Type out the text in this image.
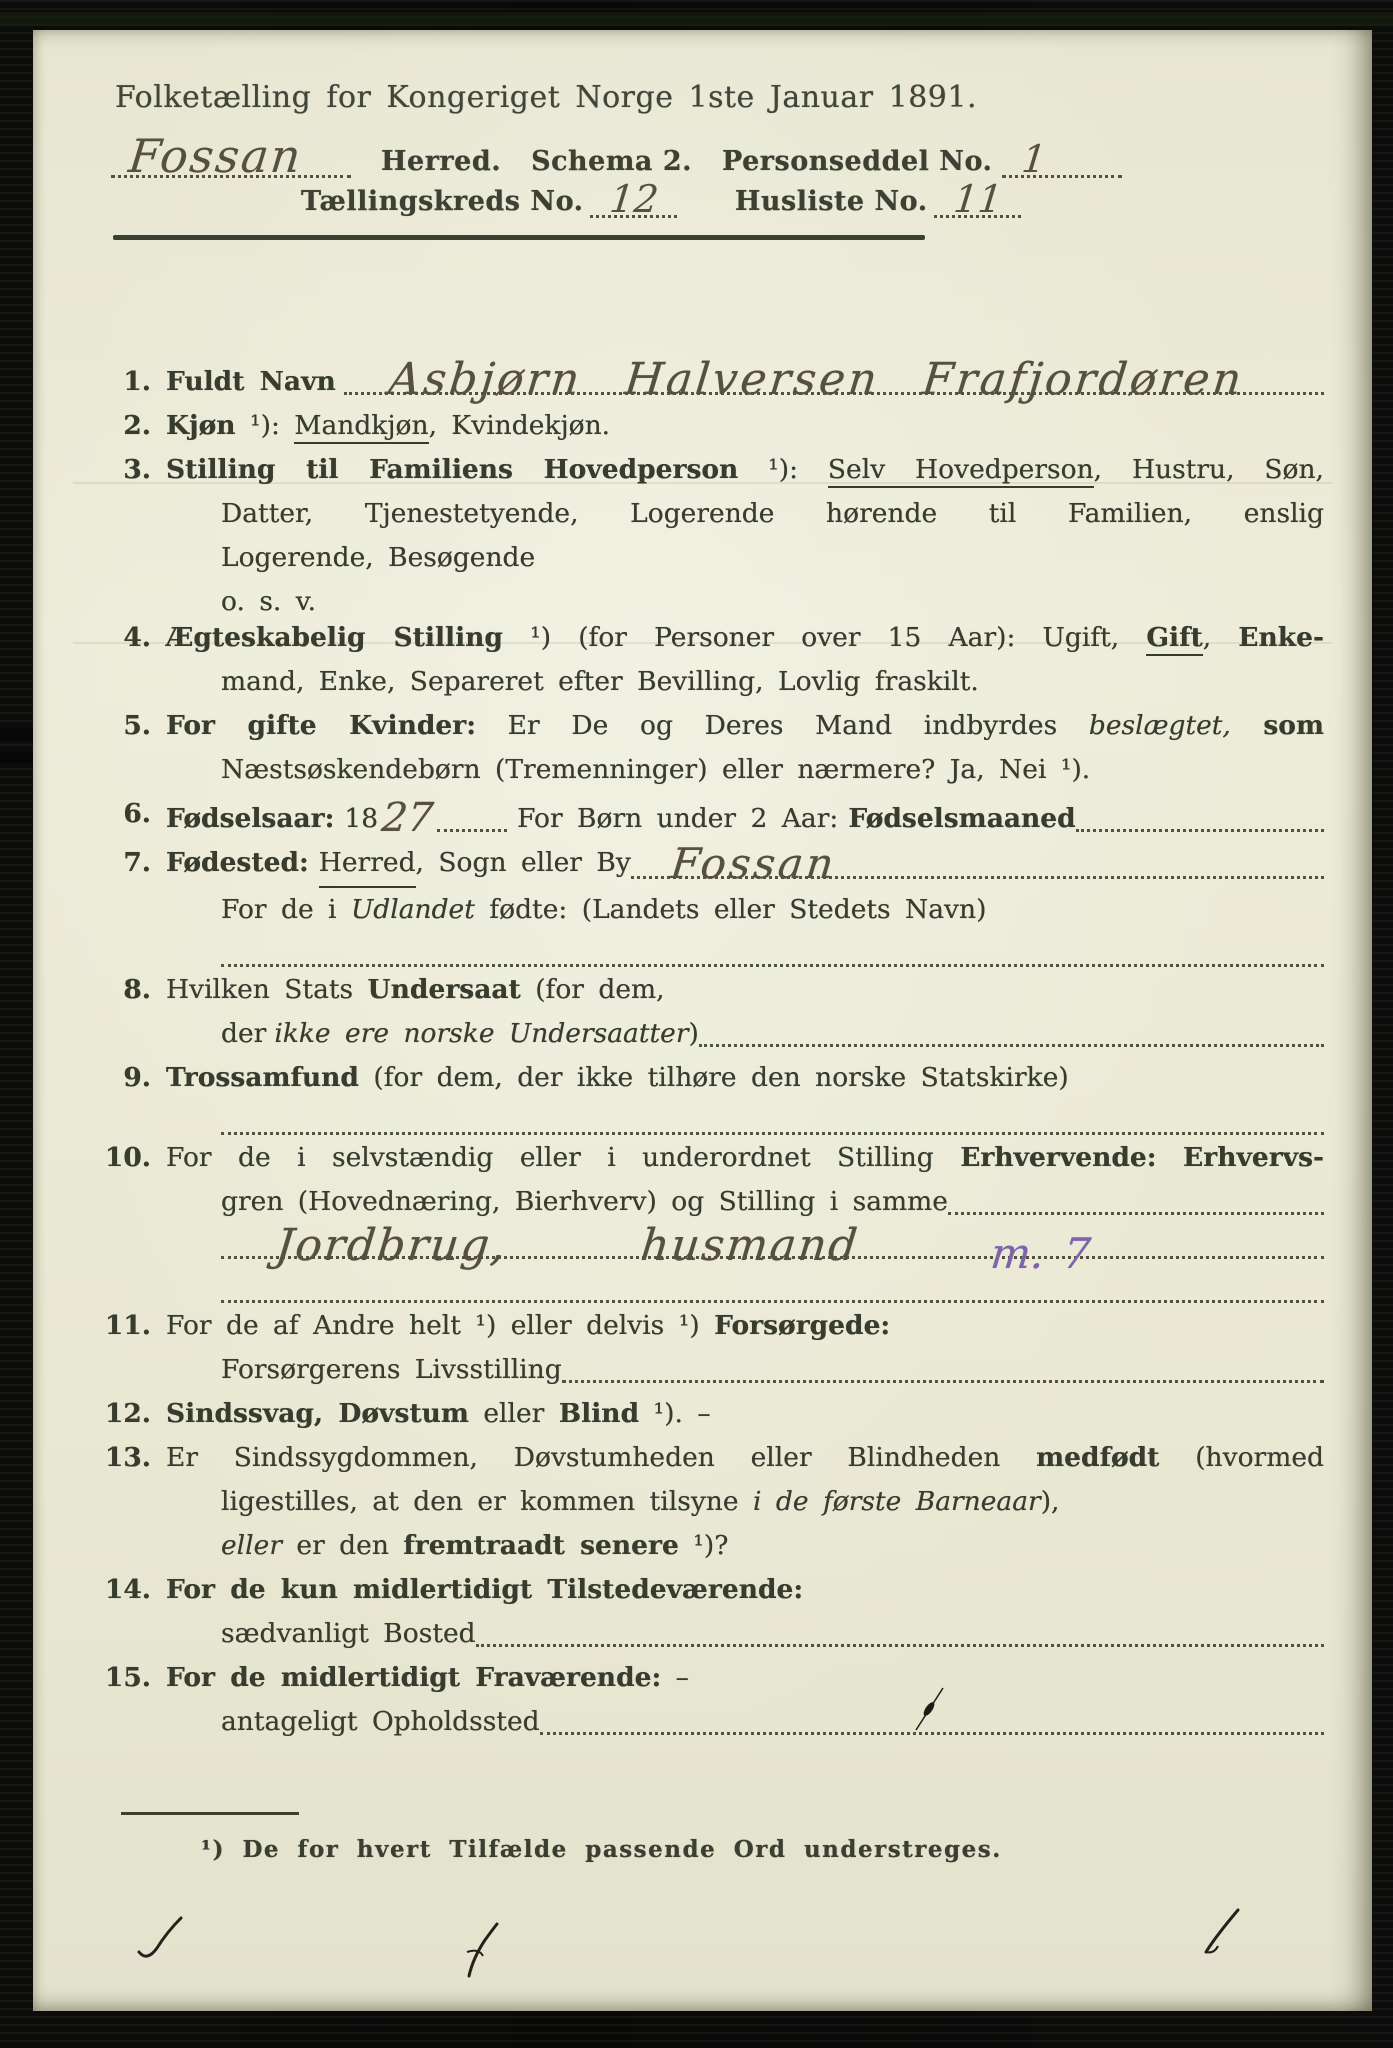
Folketælling for Kongeriget Norge 1ste Januar 1891.
Fossan	Herred. Schema 2. Personseddel No. 1
Tællingskreds No. 12	Husliste No. 11
1. Fuldt Navn Asbjørn Halversen Frafjordøren
2. Kjøn ¹): Mandkjøn, Kvindekjøn.
3. Stilling til Familiens Hovedperson ¹): Selv Hovedperson, Hustru, Søn,
Datter, Tjenestetyende, Logerende hørende til Familien, enslig
Logerende, Besøgende
o. s. v.
4. Ægteskabelig Stilling ¹) (for Personer over 15 Aar): Ugift, Gift, Enke-
mand, Enke, Separeret efter Bevilling, Lovlig fraskilt.
5. For gifte Kvinder: Er De og Deres Mand indbyrdes beslægtet, som
Næstsøskendebørn (Tremenninger) eller nærmere? Ja, Nei ¹).
6. Fødselsaar: 18 27	For Børn under 2 Aar: Fødselsmaaned
7. Fødested: Herred , Sogn eller By Fossan
For de i Udlandet fødte: (Landets eller Stedets Navn)
8. Hvilken Stats Undersaat (for dem,
der ikke ere norske Undersaatter )
9. Trossamfund (for dem, der ikke tilhøre den norske Statskirke)
10. For de i selvstændig eller i underordnet Stilling Erhvervende: Erhvervs-
gren (Hovednæring, Bierhverv) og Stilling i samme
Jordbrug,	husmand	m. 7
11. For de af Andre helt ¹) eller delvis ¹) Forsørgede:
Forsørgerens Livsstilling
12. Sindssvag, Døvstum eller Blind ¹). –
13. Er Sindssygdommen, Døvstumheden eller Blindheden medfødt (hvormed
ligestilles, at den er kommen tilsyne i de første Barneaar),
eller er den fremtraadt senere ¹)?
14. For de kun midlertidigt Tilstedeværende:
sædvanligt Bosted
15. For de midlertidigt Fraværende: –
antageligt Opholdssted
¹) De for hvert Tilfælde passende Ord understreges.
